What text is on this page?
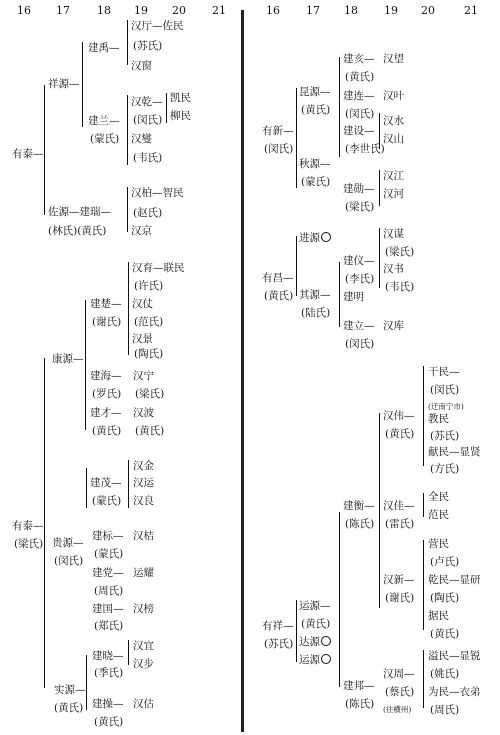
16 17 18 19 20 21	16 17 18 19 20	21
有泰—
祥源—
建禹—
汉厅—佐民
(苏氏)
汉窗
汉乾— 凯民
(闵氏) 柳民
建兰—
(蒙氏) 汉燮
(韦氏)
汉柏—智民
佐源—建瑞— (赵氏)
(林氏)(黄氏) 汉京
康源—
建楚—
(谢氏)
汉育—联民
(许氏)
汉仗
(范氏)
汉景
(陶氏)
建海— 汉宁
(罗氏) (梁氏)
建才— 汉波
(黄氏) (黄氏)
有泰—
(梁氏)
汉金
建茂— 汉运
(蒙氏) 汉良
贵源—
(闵氏)
建标— 汉桔
(蒙氏)
建党— 运耀
(周氏)
建国— 汉榜
(郑氏)
汉宜
建晓—
(季氏)
汉步
实源—
(黄氏) 建操— 汉估
(黄氏)
有新—
(闵氏)
昆源—
(黄氏)
秋源—
(蒙氏)
建亥— 汉望
(黄氏)
建连— 汉叶
(闵氏)
汉水
建设—
汉山
(李世氏)
汉江
建勋— 汉河
(梁氏)
进源
有昌—
(黄氏) 其源—
(陆氏)
汉谋
(梁氏)
建仪—
汉书
(李氏)
(韦氏)
建明
建立— 汉库
(闵氏)
干民—
(闵氏)
(迁南宁市)
汉伟— 教民
(黄氏) (苏氏)
献民—显贤
(方氏)
建衡—
(陈氏)
全民
汉佳—
范民
(雷氏)
营民
(卢氏)
汉新— 乾民—显研
(谢氏) (陶氏)
据民
(黄氏)
运源—
有祥— (黄氏)
(苏氏) 达源
运源
建邦—
(陈氏)
溢民—显锐
汉周— (姚氏)
(蔡氏) 为民—衣弟
(往横州) (周氏)
